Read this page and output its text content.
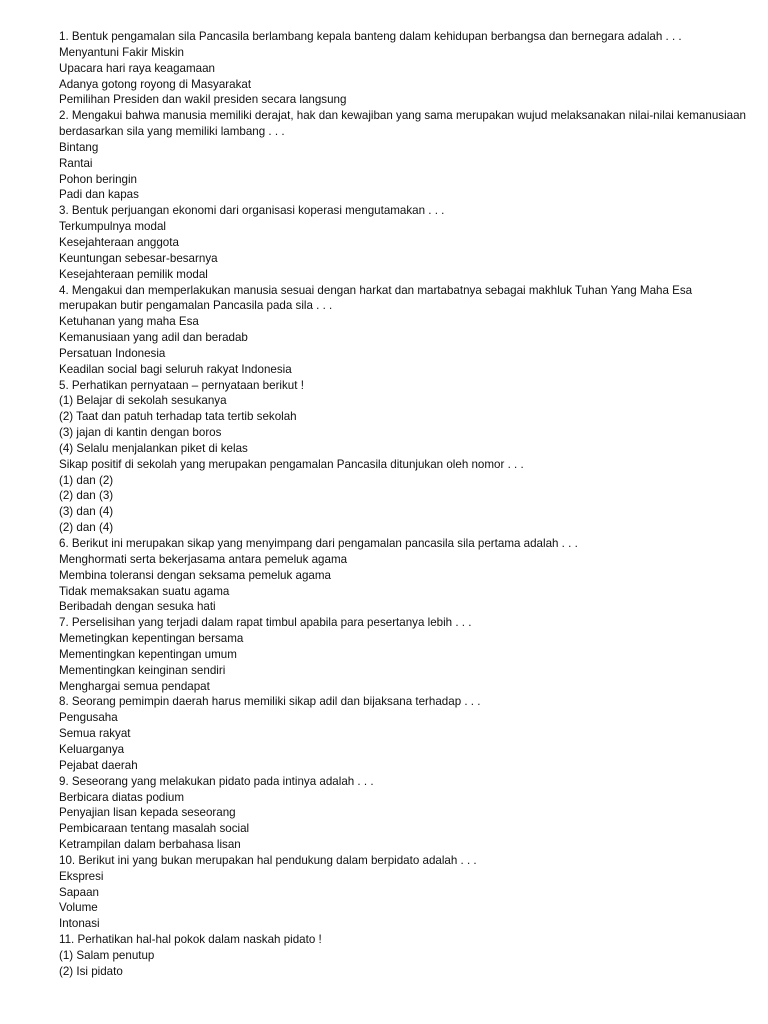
1. Bentuk pengamalan sila Pancasila berlambang kepala banteng dalam kehidupan berbangsa dan bernegara adalah . . .

Menyantuni Fakir Miskin

Upacara hari raya keagamaan

Adanya gotong royong di Masyarakat

Pemilihan Presiden dan wakil presiden secara langsung

2. Mengakui bahwa manusia memiliki derajat, hak dan kewajiban yang sama merupakan wujud melaksanakan nilai-nilai kemanusiaan berdasarkan sila yang memiliki lambang . . .

Bintang

Rantai

Pohon beringin

Padi dan kapas

3. Bentuk perjuangan ekonomi dari organisasi koperasi mengutamakan . . .

Terkumpulnya modal

Kesejahteraan anggota

Keuntungan sebesar-besarnya

Kesejahteraan pemilik modal

4. Mengakui dan memperlakukan manusia sesuai dengan harkat dan martabatnya sebagai makhluk Tuhan Yang Maha Esa merupakan butir pengamalan Pancasila pada sila . . .

Ketuhanan yang maha Esa

Kemanusiaan yang adil dan beradab

Persatuan Indonesia

Keadilan social bagi seluruh rakyat Indonesia

5. Perhatikan pernyataan – pernyataan berikut !

(1) Belajar di sekolah sesukanya

(2) Taat dan patuh terhadap tata tertib sekolah

(3) jajan di kantin dengan boros

(4) Selalu menjalankan piket di kelas

Sikap positif di sekolah yang merupakan pengamalan Pancasila ditunjukan oleh nomor . . .

(1) dan (2)

(2) dan (3)

(3) dan (4)

(2) dan (4)

6. Berikut ini merupakan sikap yang menyimpang dari pengamalan pancasila sila pertama adalah . . .

Menghormati serta bekerjasama antara pemeluk agama

Membina toleransi dengan seksama pemeluk agama

Tidak memaksakan suatu agama

Beribadah dengan sesuka hati

7. Perselisihan yang terjadi dalam rapat timbul apabila para pesertanya lebih . . .

Memetingkan kepentingan bersama

Mementingkan kepentingan umum

Mementingkan keinginan sendiri

Menghargai semua pendapat

8. Seorang pemimpin daerah harus memiliki sikap adil dan bijaksana terhadap . . .

Pengusaha

Semua rakyat

Keluarganya

Pejabat daerah

9. Seseorang yang melakukan pidato pada intinya adalah . . .

Berbicara diatas podium

Penyajian lisan kepada seseorang

Pembicaraan tentang masalah social

Ketrampilan dalam berbahasa lisan

10. Berikut ini yang bukan merupakan hal pendukung dalam berpidato adalah . . .

Ekspresi

Sapaan

Volume

Intonasi

11. Perhatikan hal-hal pokok dalam naskah pidato !

(1) Salam penutup

(2) Isi pidato
